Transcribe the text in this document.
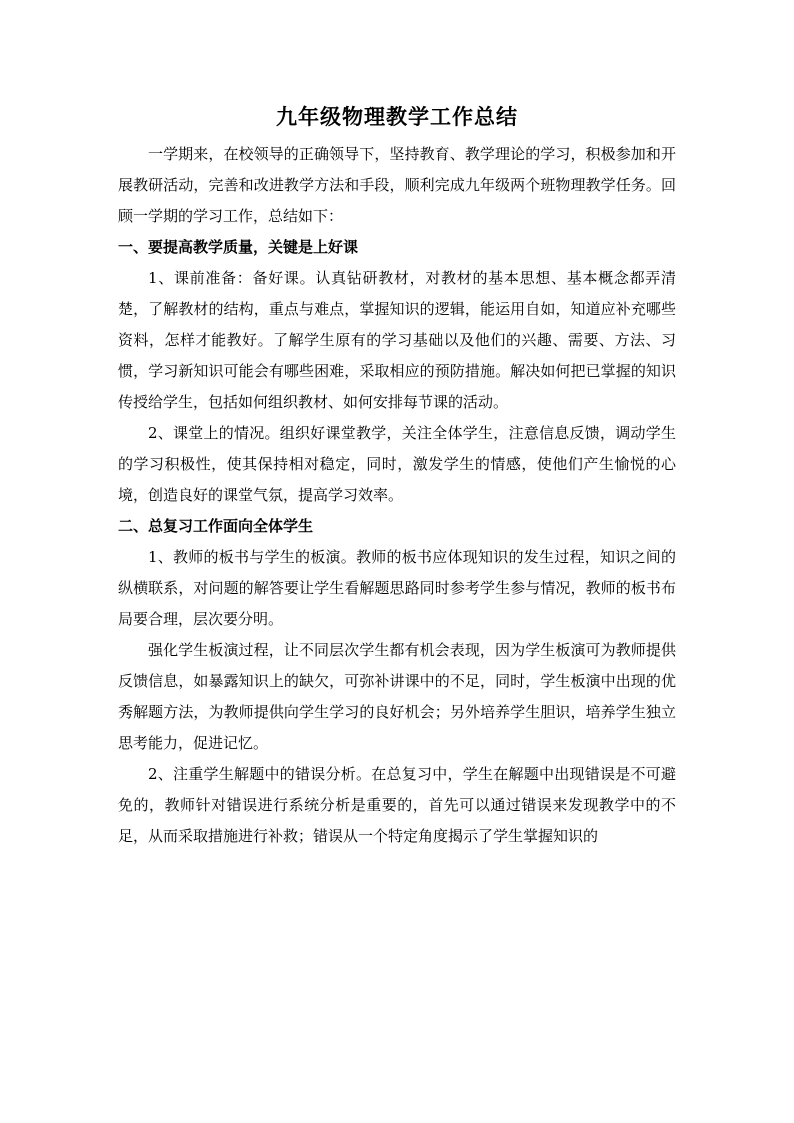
九年级物理教学工作总结

一学期来，在校领导的正确领导下，坚持教育、教学理论的学习，积极参加和开展教研活动，完善和改进教学方法和手段，顺利完成九年级两个班物理教学任务。回顾一学期的学习工作，总结如下：

一、要提高教学质量，关键是上好课

1、课前准备：备好课。认真钻研教材，对教材的基本思想、基本概念都弄清楚，了解教材的结构，重点与难点，掌握知识的逻辑，能运用自如，知道应补充哪些资料，怎样才能教好。了解学生原有的学习基础以及他们的兴趣、需要、方法、习惯，学习新知识可能会有哪些困难，采取相应的预防措施。解决如何把已掌握的知识传授给学生，包括如何组织教材、如何安排每节课的活动。

2、课堂上的情况。组织好课堂教学，关注全体学生，注意信息反馈，调动学生的学习积极性，使其保持相对稳定，同时，激发学生的情感，使他们产生愉悦的心境，创造良好的课堂气氛，提高学习效率。

二、总复习工作面向全体学生

1、教师的板书与学生的板演。教师的板书应体现知识的发生过程，知识之间的纵横联系，对问题的解答要让学生看解题思路同时参考学生参与情况，教师的板书布局要合理，层次要分明。

强化学生板演过程，让不同层次学生都有机会表现，因为学生板演可为教师提供反馈信息，如暴露知识上的缺欠，可弥补讲课中的不足，同时，学生板演中出现的优秀解题方法，为教师提供向学生学习的良好机会；另外培养学生胆识，培养学生独立思考能力，促进记忆。

2、注重学生解题中的错误分析。在总复习中，学生在解题中出现错误是不可避免的，教师针对错误进行系统分析是重要的，首先可以通过错误来发现教学中的不足，从而采取措施进行补救；错误从一个特定角度揭示了学生掌握知识的
